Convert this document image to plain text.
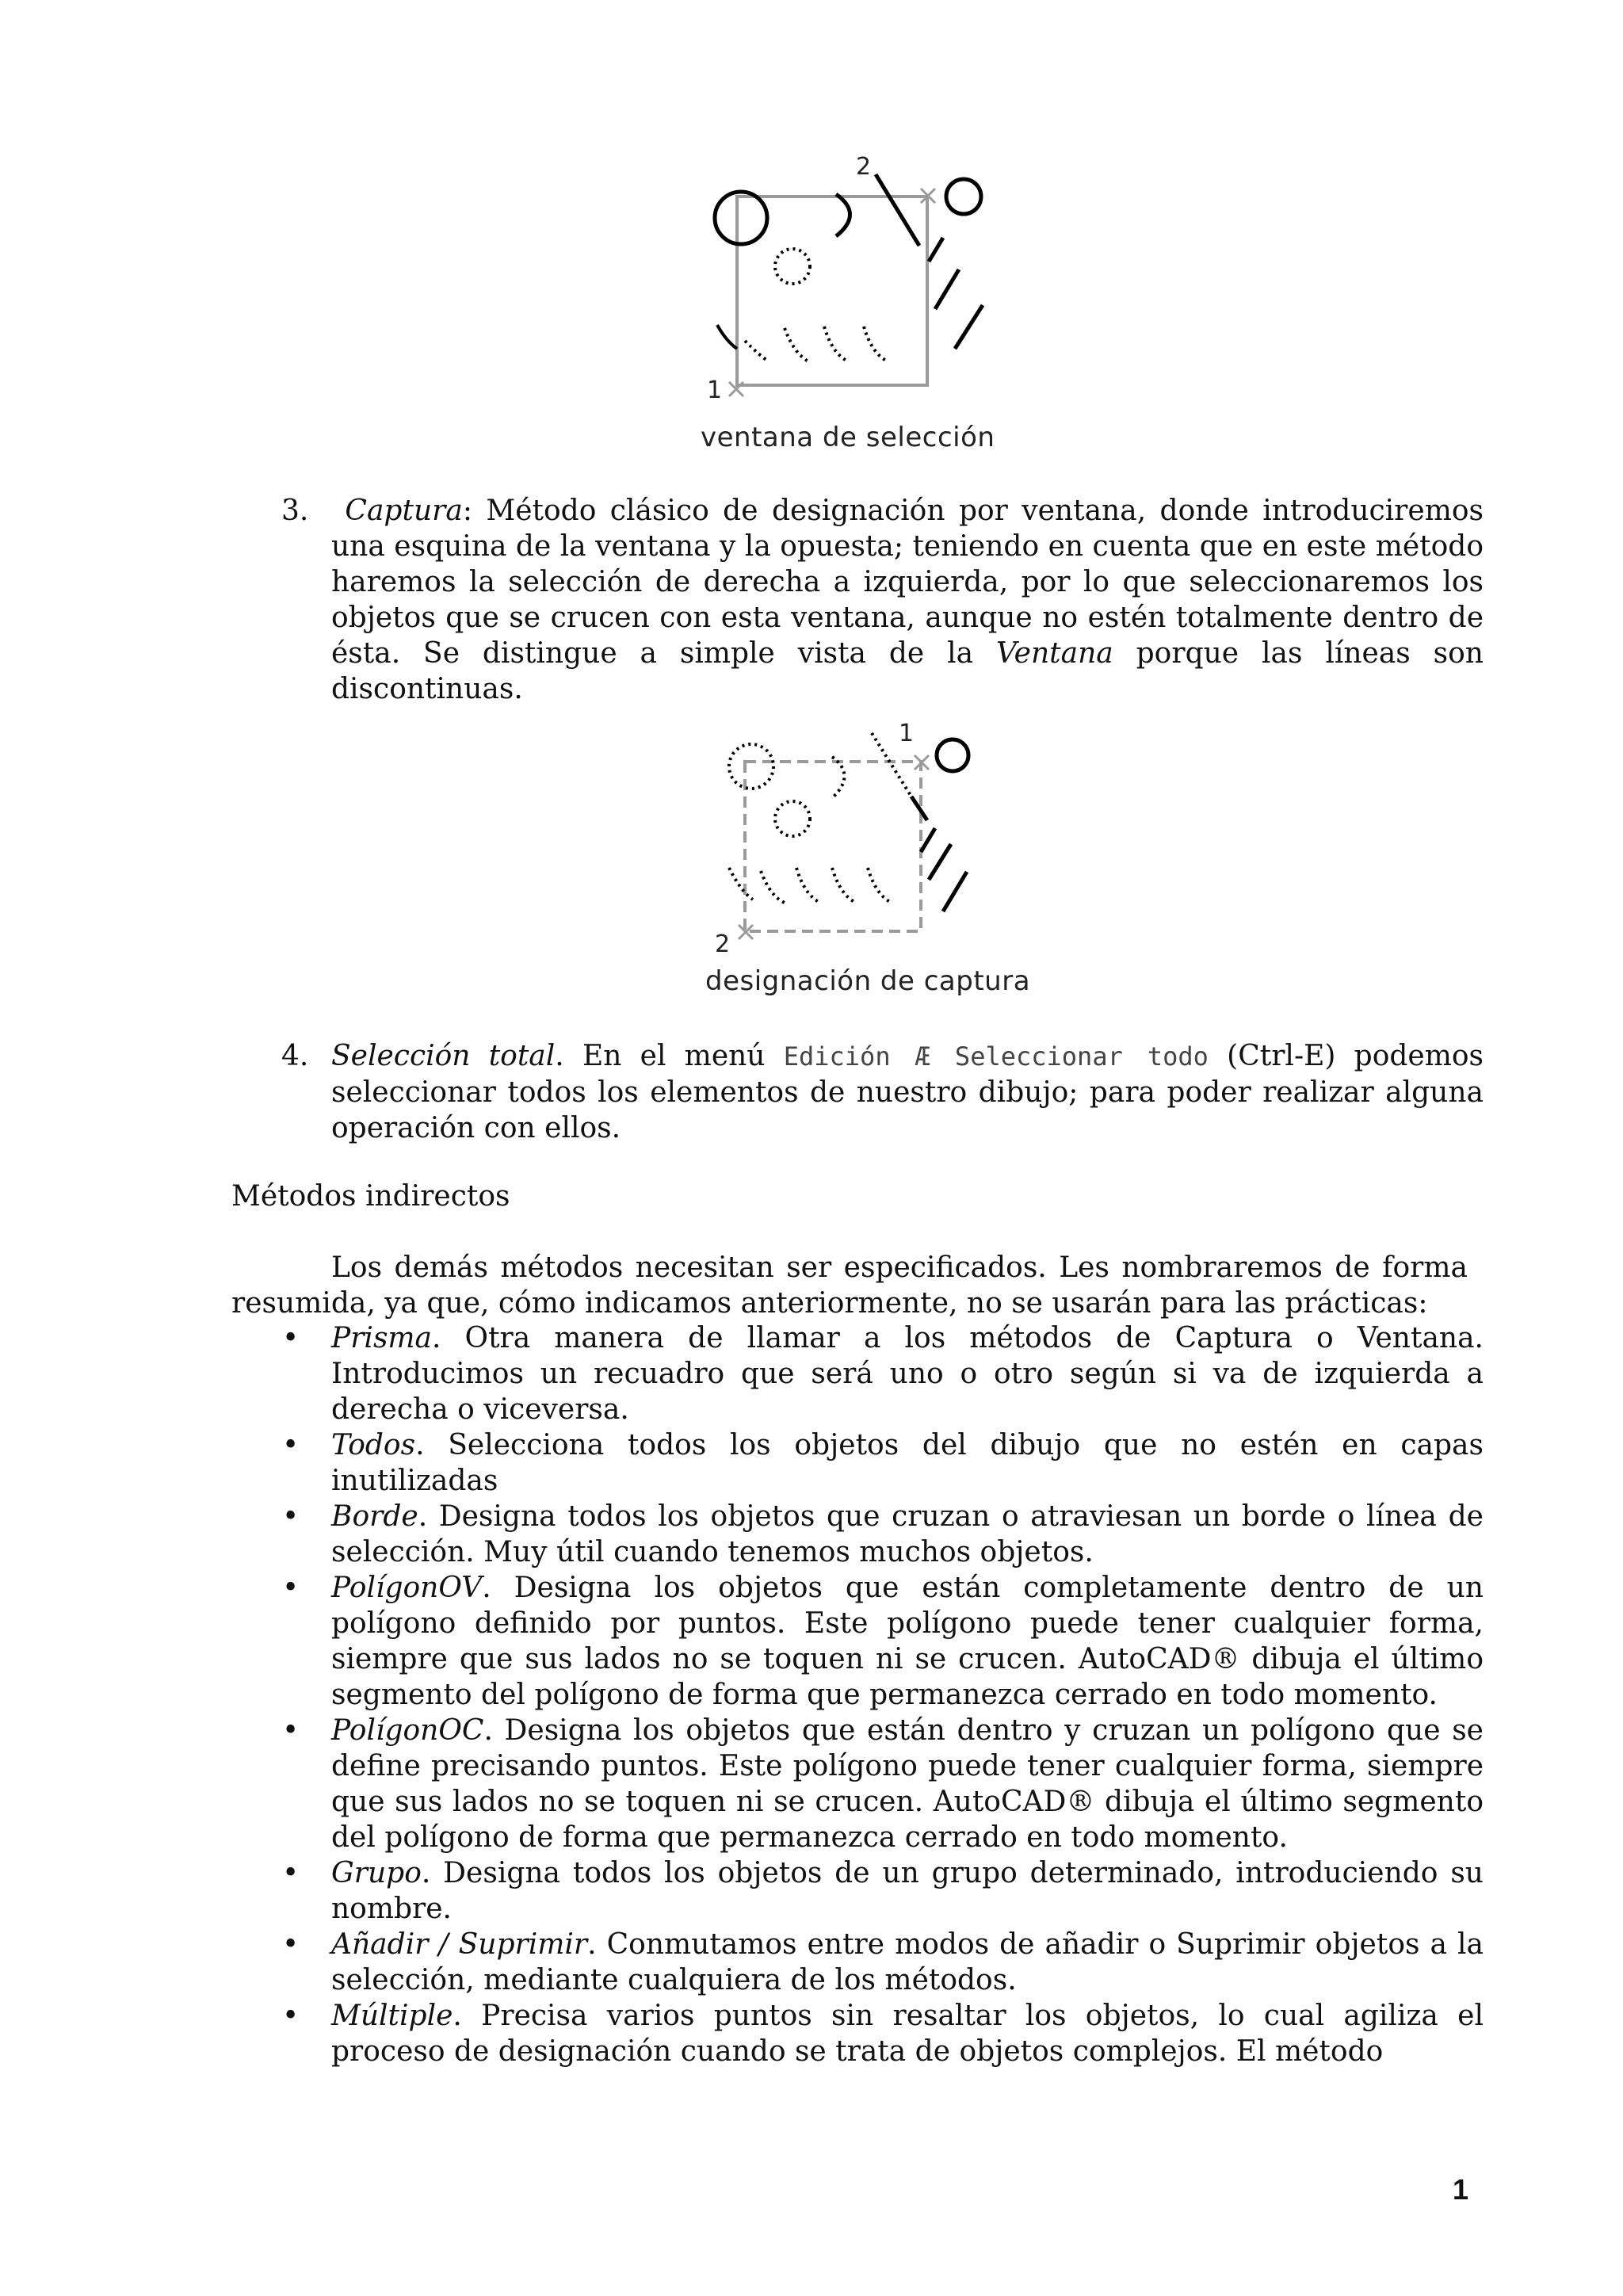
1
2
ventana de selección
3.	Captura: Método clásico de designación por ventana, donde introduciremos una esquina de la ventana y la opuesta; teniendo en cuenta que en este método haremos la selección de derecha a izquierda, por lo que seleccionaremos los objetos que se crucen con esta ventana, aunque no estén totalmente dentro de ésta. Se distingue a simple vista de la Ventana porque las líneas son discontinuas.
1
2
designación de captura
4. Selección total. En el menú Edición Æ Seleccionar todo (Ctrl-E) podemos seleccionar todos los elementos de nuestro dibujo; para poder realizar alguna operación con ellos.
Métodos indirectos
Los demás métodos necesitan ser especificados. Les nombraremos de forma resumida, ya que, cómo indicamos anteriormente, no se usarán para las prácticas:
• Prisma. Otra manera de llamar a los métodos de Captura o Ventana. Introducimos un recuadro que será uno o otro según si va de izquierda a derecha o viceversa.
• Todos. Selecciona todos los objetos del dibujo que no estén en capas inutilizadas
• Borde. Designa todos los objetos que cruzan o atraviesan un borde o línea de selección. Muy útil cuando tenemos muchos objetos.
• PolígonOV. Designa los objetos que están completamente dentro de un polígono definido por puntos. Este polígono puede tener cualquier forma, siempre que sus lados no se toquen ni se crucen. AutoCAD® dibuja el último segmento del polígono de forma que permanezca cerrado en todo momento.
• PolígonOC. Designa los objetos que están dentro y cruzan un polígono que se define precisando puntos. Este polígono puede tener cualquier forma, siempre que sus lados no se toquen ni se crucen. AutoCAD® dibuja el último segmento del polígono de forma que permanezca cerrado en todo momento.
• Grupo. Designa todos los objetos de un grupo determinado, introduciendo su nombre.
• Añadir / Suprimir. Conmutamos entre modos de añadir o Suprimir objetos a la selección, mediante cualquiera de los métodos.
• Múltiple. Precisa varios puntos sin resaltar los objetos, lo cual agiliza el proceso de designación cuando se trata de objetos complejos. El método
1
